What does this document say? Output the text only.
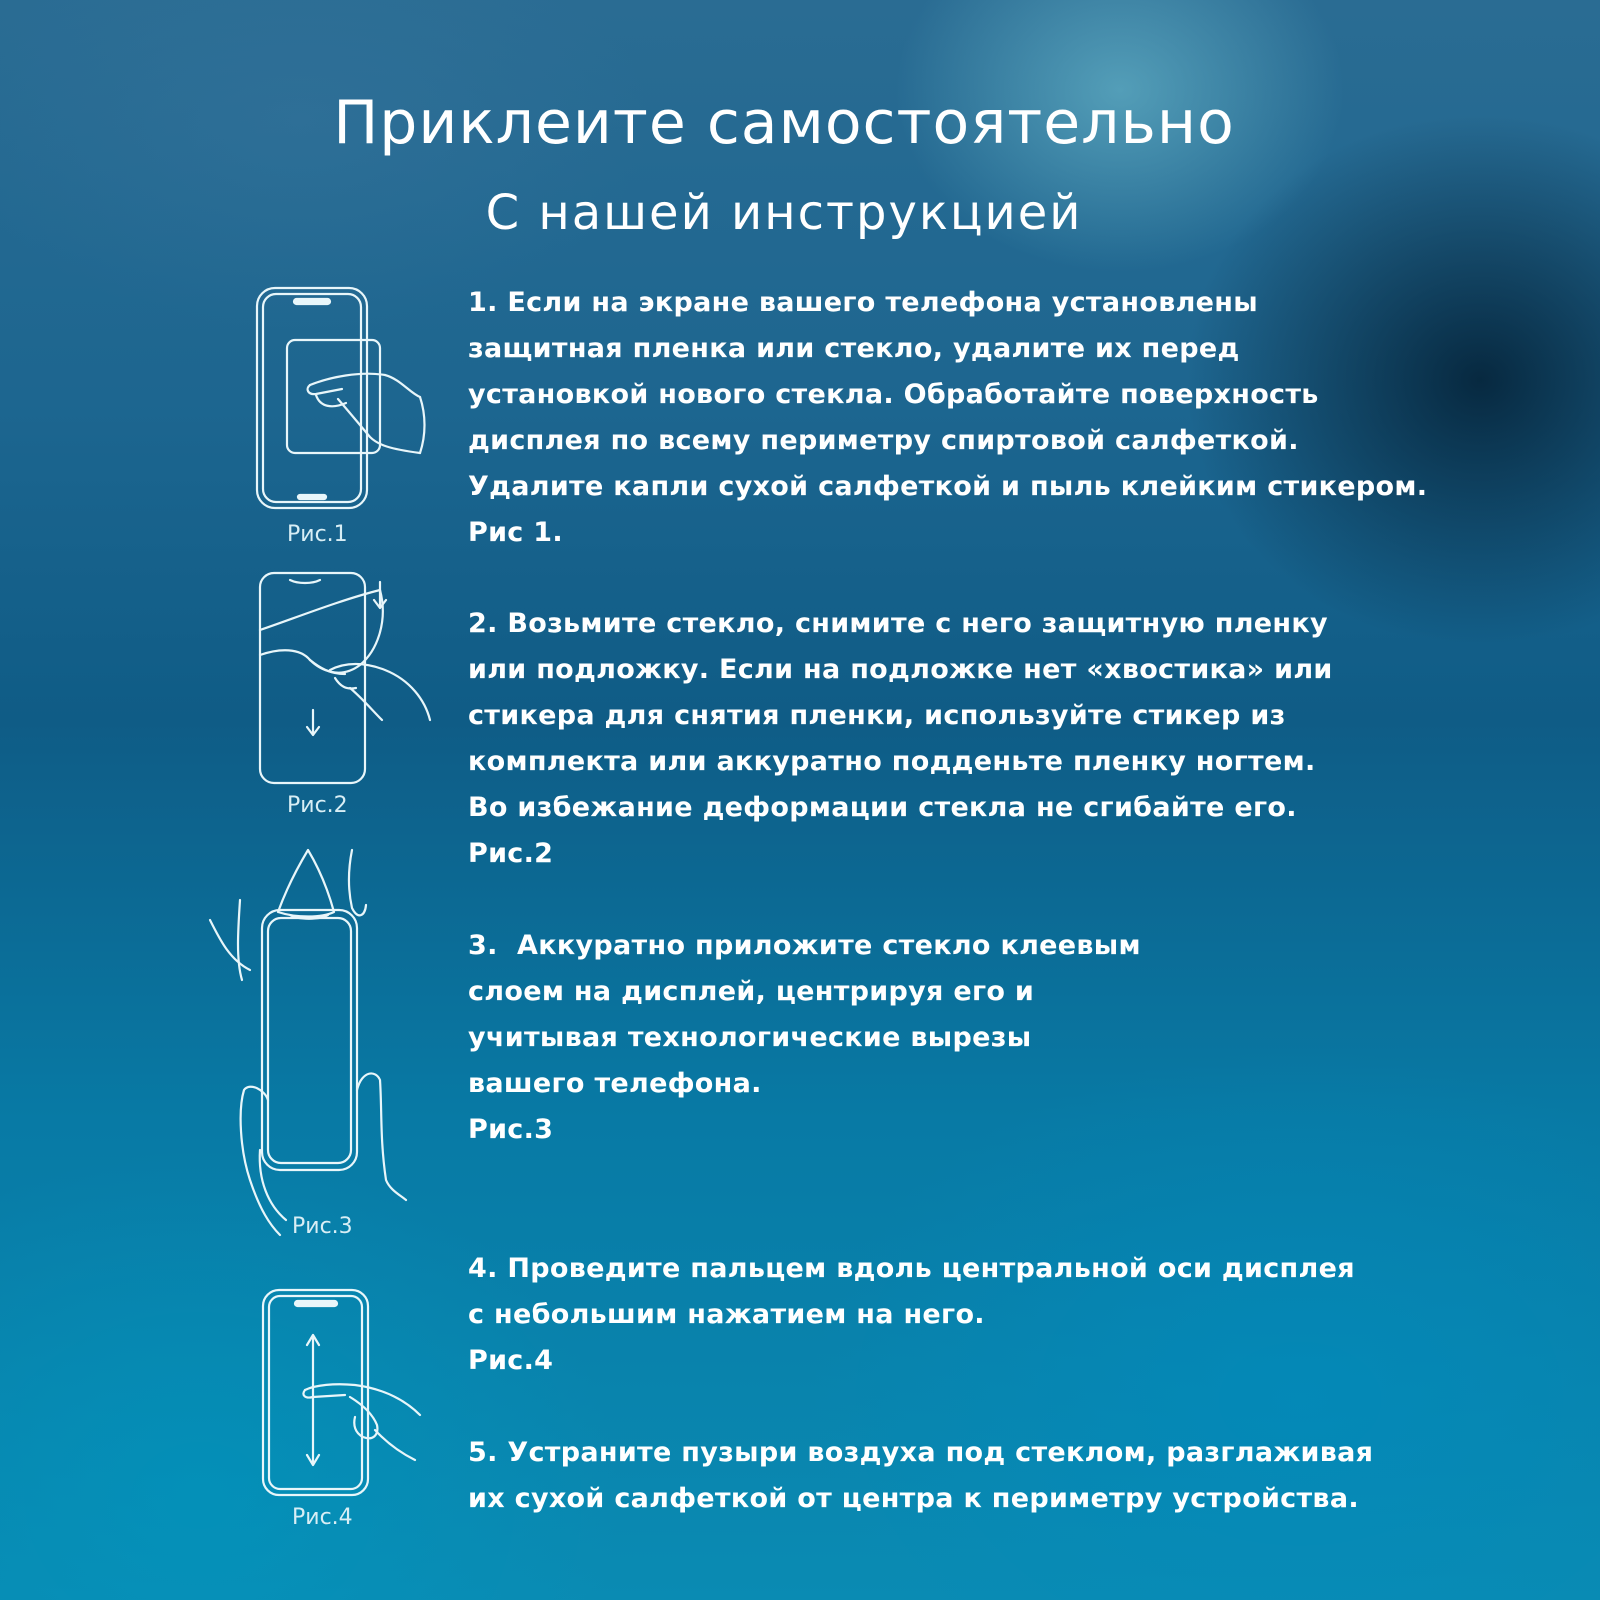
Приклеите самостоятельно
С нашей инструкцией

1. Если на экране вашего телефона установлены

защитная пленка или стекло, удалите их перед

установкой нового стекла. Обработайте поверхность

дисплея по всему периметру спиртовой салфеткой.

Удалите капли сухой салфеткой и пыль клейким стикером.

Рис 1.

2. Возьмите стекло, снимите с него защитную пленку

или подложку. Если на подложке нет «хвостика» или

стикера для снятия пленки, используйте стикер из

комплекта или аккуратно подденьте пленку ногтем.

Во избежание деформации стекла не сгибайте его.

Рис.2

3.  Аккуратно приложите стекло клеевым

слоем на дисплей, центрируя его и

учитывая технологические вырезы

вашего телефона.

Рис.3

4. Проведите пальцем вдоль центральной оси дисплея

с небольшим нажатием на него.

Рис.4

5. Устраните пузыри воздуха под стеклом, разглаживая

их сухой салфеткой от центра к периметру устройства.

Рис.1
Рис.2
Рис.3
Рис.4
